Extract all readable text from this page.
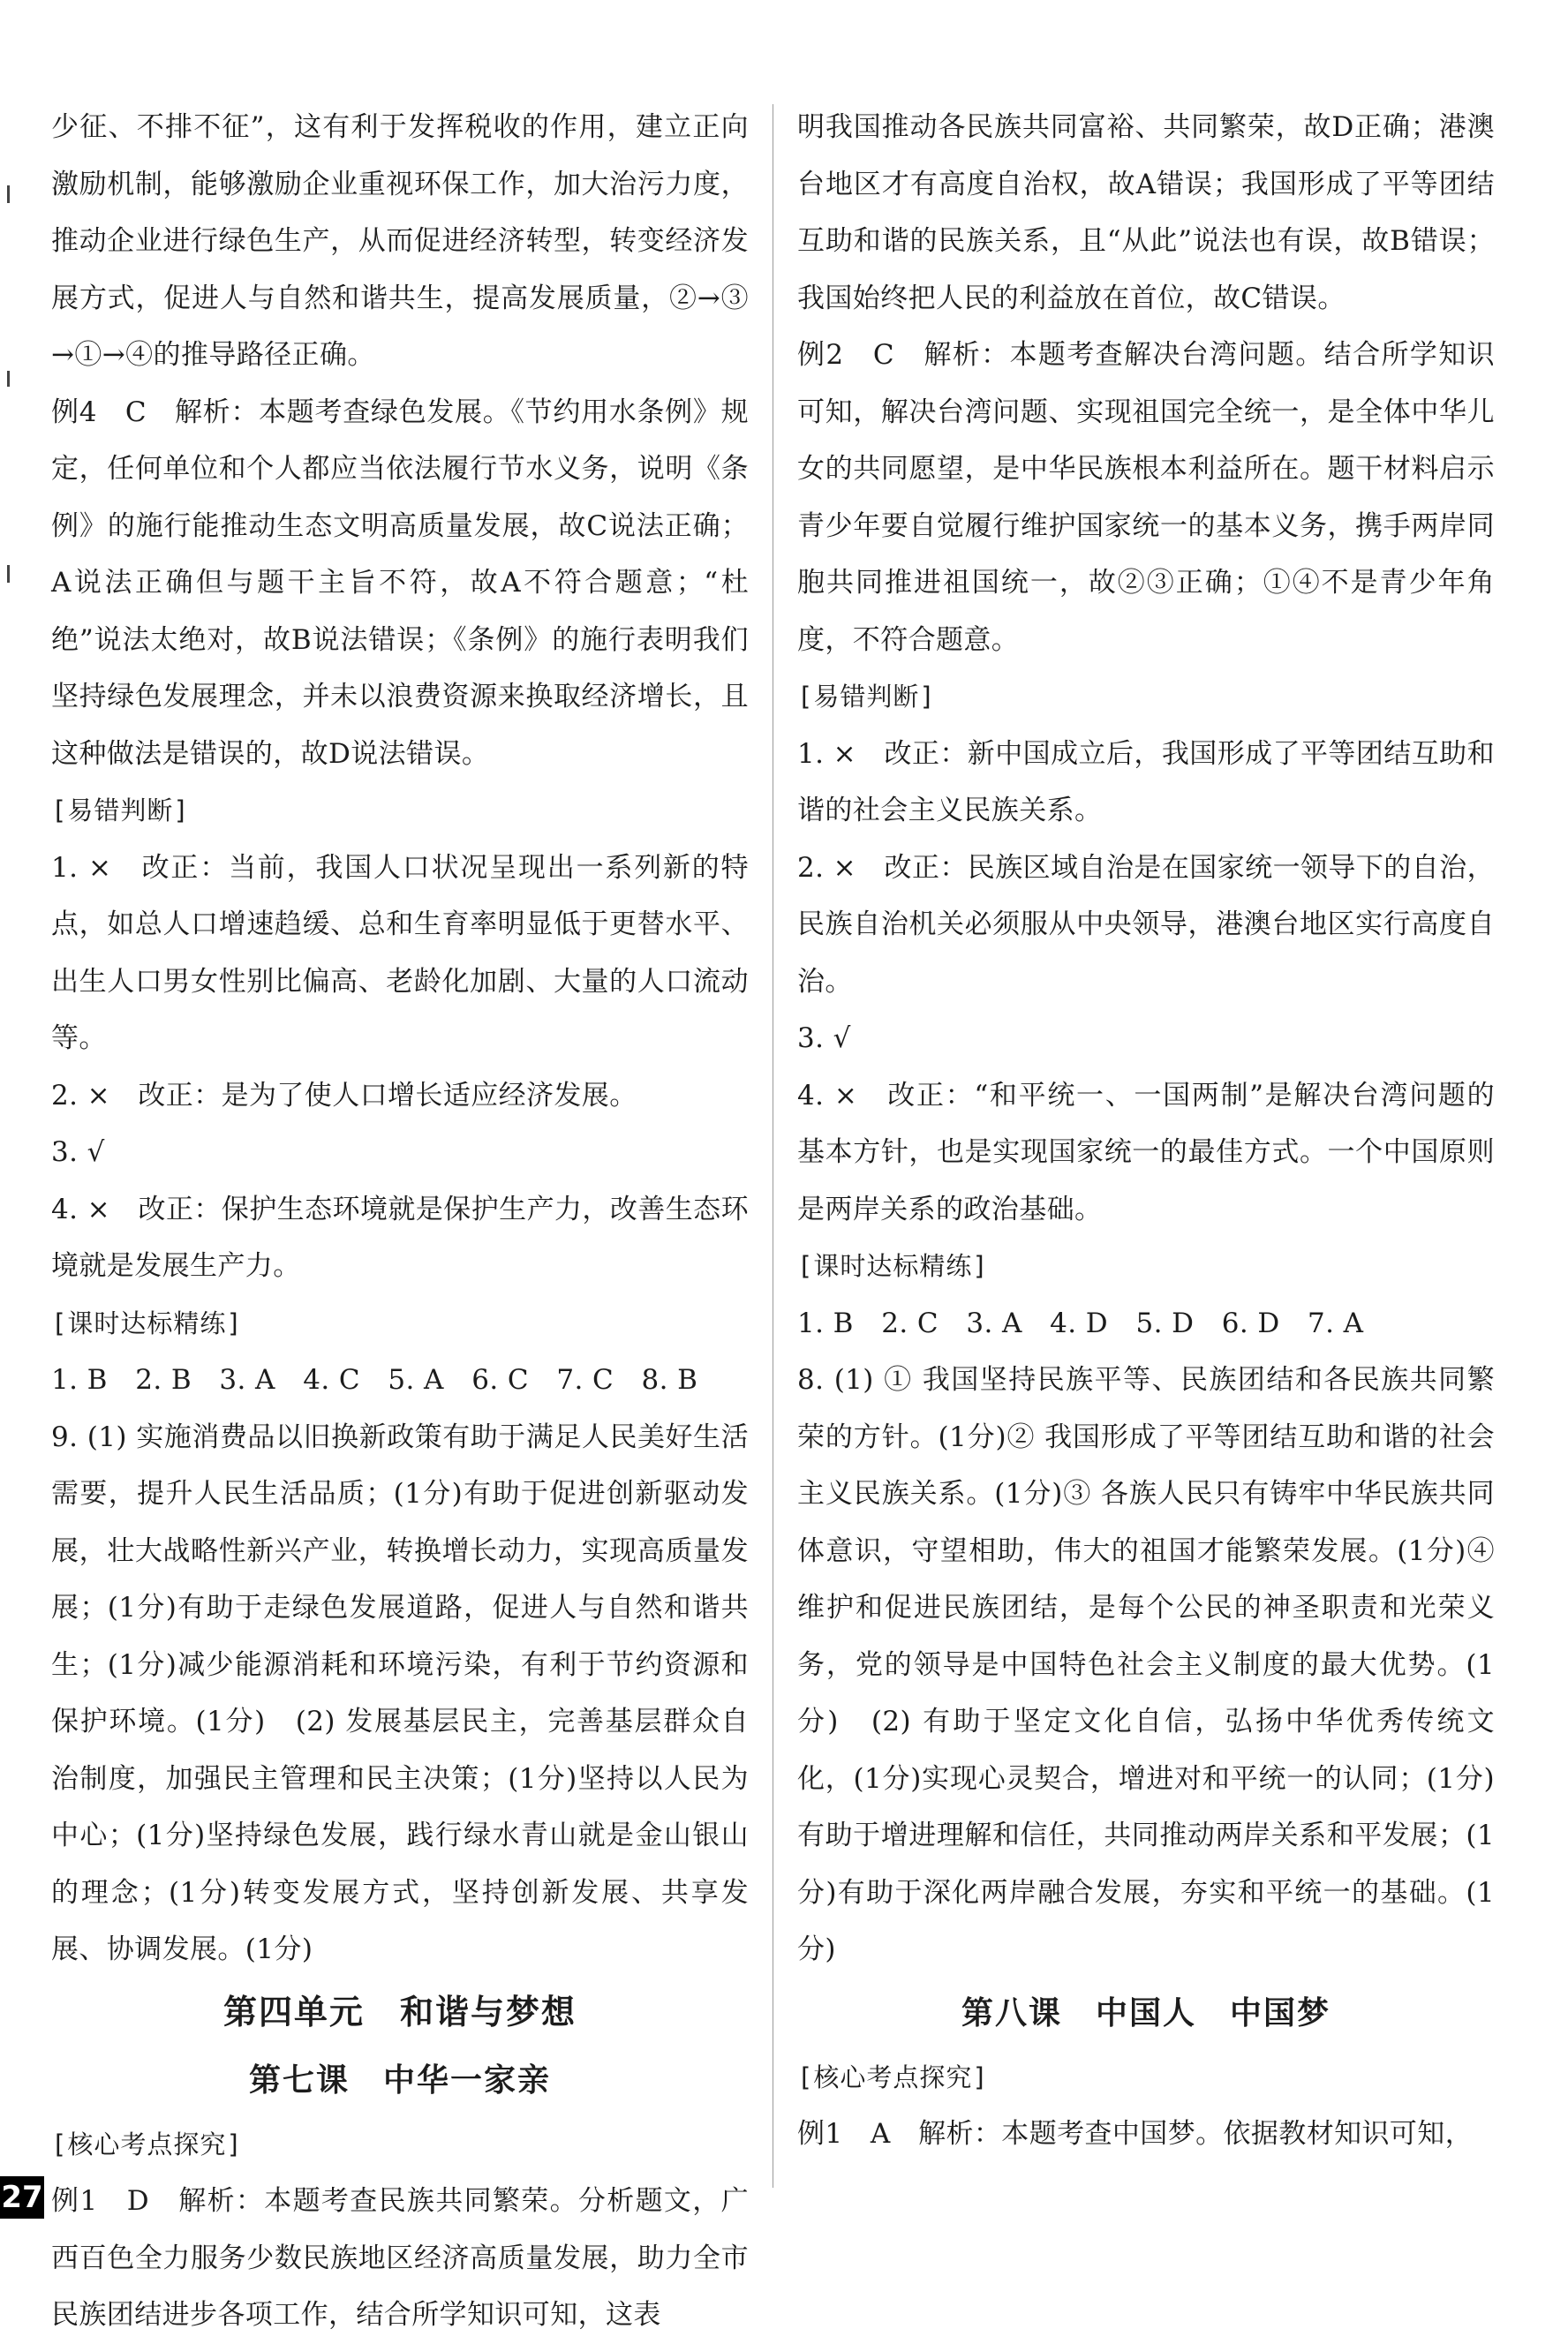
少征、不排不征”，这有利于发挥税收的作用，建立正向激励机制，能够激励企业重视环保工作，加大治污力度，推动企业进行绿色生产，从而促进经济转型，转变经济发展方式，促进人与自然和谐共生，提高发展质量，②→③→①→④的推导路径正确。

例4　C　解析：本题考查绿色发展。《节约用水条例》规定，任何单位和个人都应当依法履行节水义务，说明《条例》的施行能推动生态文明高质量发展，故C说法正确；A说法正确但与题干主旨不符，故A不符合题意；“杜绝”说法太绝对，故B说法错误；《条例》的施行表明我们坚持绿色发展理念，并未以浪费资源来换取经济增长，且这种做法是错误的，故D说法错误。

[ 易错判断 ]

1. ×　改正：当前，我国人口状况呈现出一系列新的特点，如总人口增速趋缓、总和生育率明显低于更替水平、出生人口男女性别比偏高、老龄化加剧、大量的人口流动等。

2. ×　改正：是为了使人口增长适应经济发展。

3. √

4. ×　改正：保护生态环境就是保护生产力，改善生态环境就是发展生产力。

[ 课时达标精练 ]

1. B　2. B　3. A　4. C　5. A　6. C　7. C　8. B

9. (1) 实施消费品以旧换新政策有助于满足人民美好生活需要，提升人民生活品质；(1分)有助于促进创新驱动发展，壮大战略性新兴产业，转换增长动力，实现高质量发展；(1分)有助于走绿色发展道路，促进人与自然和谐共生；(1分)减少能源消耗和环境污染，有利于节约资源和保护环境。(1分)　(2) 发展基层民主，完善基层群众自治制度，加强民主管理和民主决策；(1分)坚持以人民为中心；(1分)坚持绿色发展，践行绿水青山就是金山银山的理念；(1分)转变发展方式，坚持创新发展、共享发展、协调发展。(1分)

第四单元　和谐与梦想
第七课　中华一家亲
[ 核心考点探究 ]

例1　D　解析：本题考查民族共同繁荣。分析题文，广西百色全力服务少数民族地区经济高质量发展，助力全市民族团结进步各项工作，结合所学知识可知，这表

明我国推动各民族共同富裕、共同繁荣，故D正确；港澳台地区才有高度自治权，故A错误；我国形成了平等团结互助和谐的民族关系，且“从此”说法也有误，故B错误；我国始终把人民的利益放在首位，故C错误。

例2　C　解析：本题考查解决台湾问题。结合所学知识可知，解决台湾问题、实现祖国完全统一，是全体中华儿女的共同愿望，是中华民族根本利益所在。题干材料启示青少年要自觉履行维护国家统一的基本义务，携手两岸同胞共同推进祖国统一，故②③正确；①④不是青少年角度，不符合题意。

[ 易错判断 ]

1. ×　改正：新中国成立后，我国形成了平等团结互助和谐的社会主义民族关系。

2. ×　改正：民族区域自治是在国家统一领导下的自治，民族自治机关必须服从中央领导，港澳台地区实行高度自治。

3. √

4. ×　改正：“和平统一、一国两制”是解决台湾问题的基本方针，也是实现国家统一的最佳方式。一个中国原则是两岸关系的政治基础。

[ 课时达标精练 ]

1. B　2. C　3. A　4. D　5. D　6. D　7. A

8. (1) ① 我国坚持民族平等、民族团结和各民族共同繁荣的方针。(1分)② 我国形成了平等团结互助和谐的社会主义民族关系。(1分)③ 各族人民只有铸牢中华民族共同体意识，守望相助，伟大的祖国才能繁荣发展。(1分)④ 维护和促进民族团结，是每个公民的神圣职责和光荣义务，党的领导是中国特色社会主义制度的最大优势。(1分)　(2) 有助于坚定文化自信，弘扬中华优秀传统文化，(1分)实现心灵契合，增进对和平统一的认同；(1分)有助于增进理解和信任，共同推动两岸关系和平发展；(1分)有助于深化两岸融合发展，夯实和平统一的基础。(1分)

第八课　中国人　中国梦
[ 核心考点探究 ]

例1　A　解析：本题考查中国梦。依据教材知识可知，

27
